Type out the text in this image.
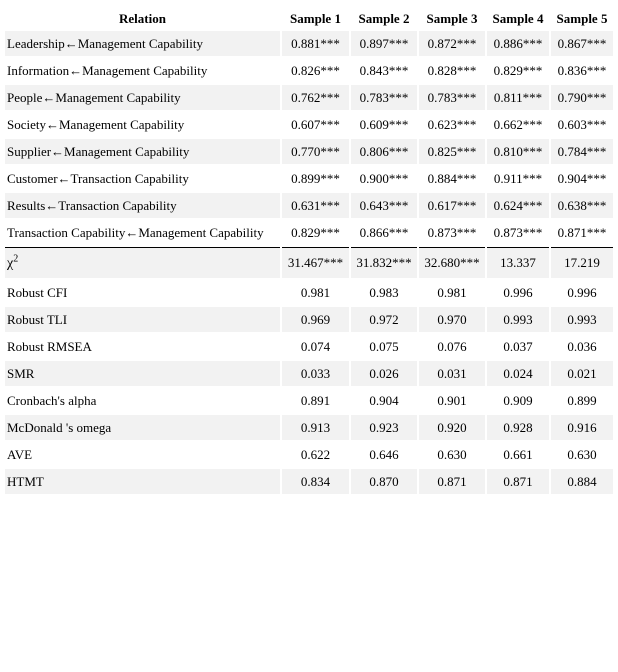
Relation	Sample 1	Sample 2	Sample 3	Sample 4	Sample 5
Leadership←Management Capability	0.881***	0.897***	0.872***	0.886***	0.867***
Information←Management Capability	0.826***	0.843***	0.828***	0.829***	0.836***
People←Management Capability	0.762***	0.783***	0.783***	0.811***	0.790***
Society←Management Capability	0.607***	0.609***	0.623***	0.662***	0.603***
Supplier←Management Capability	0.770***	0.806***	0.825***	0.810***	0.784***
Customer←Transaction Capability	0.899***	0.900***	0.884***	0.911***	0.904***
Results←Transaction Capability	0.631***	0.643***	0.617***	0.624***	0.638***
Transaction Capability←Management Capability	0.829***	0.866***	0.873***	0.873***	0.871***
$\chi^2$	31.467***	31.832***	32.680***	13.337	17.219
Robust CFI	0.981	0.983	0.981	0.996	0.996
Robust TLI	0.969	0.972	0.970	0.993	0.993
Robust RMSEA	0.074	0.075	0.076	0.037	0.036
SMR	0.033	0.026	0.031	0.024	0.021
Cronbach's alpha	0.891	0.904	0.901	0.909	0.899
McDonald 's omega	0.913	0.923	0.920	0.928	0.916
AVE	0.622	0.646	0.630	0.661	0.630
HTMT	0.834	0.870	0.871	0.871	0.884
